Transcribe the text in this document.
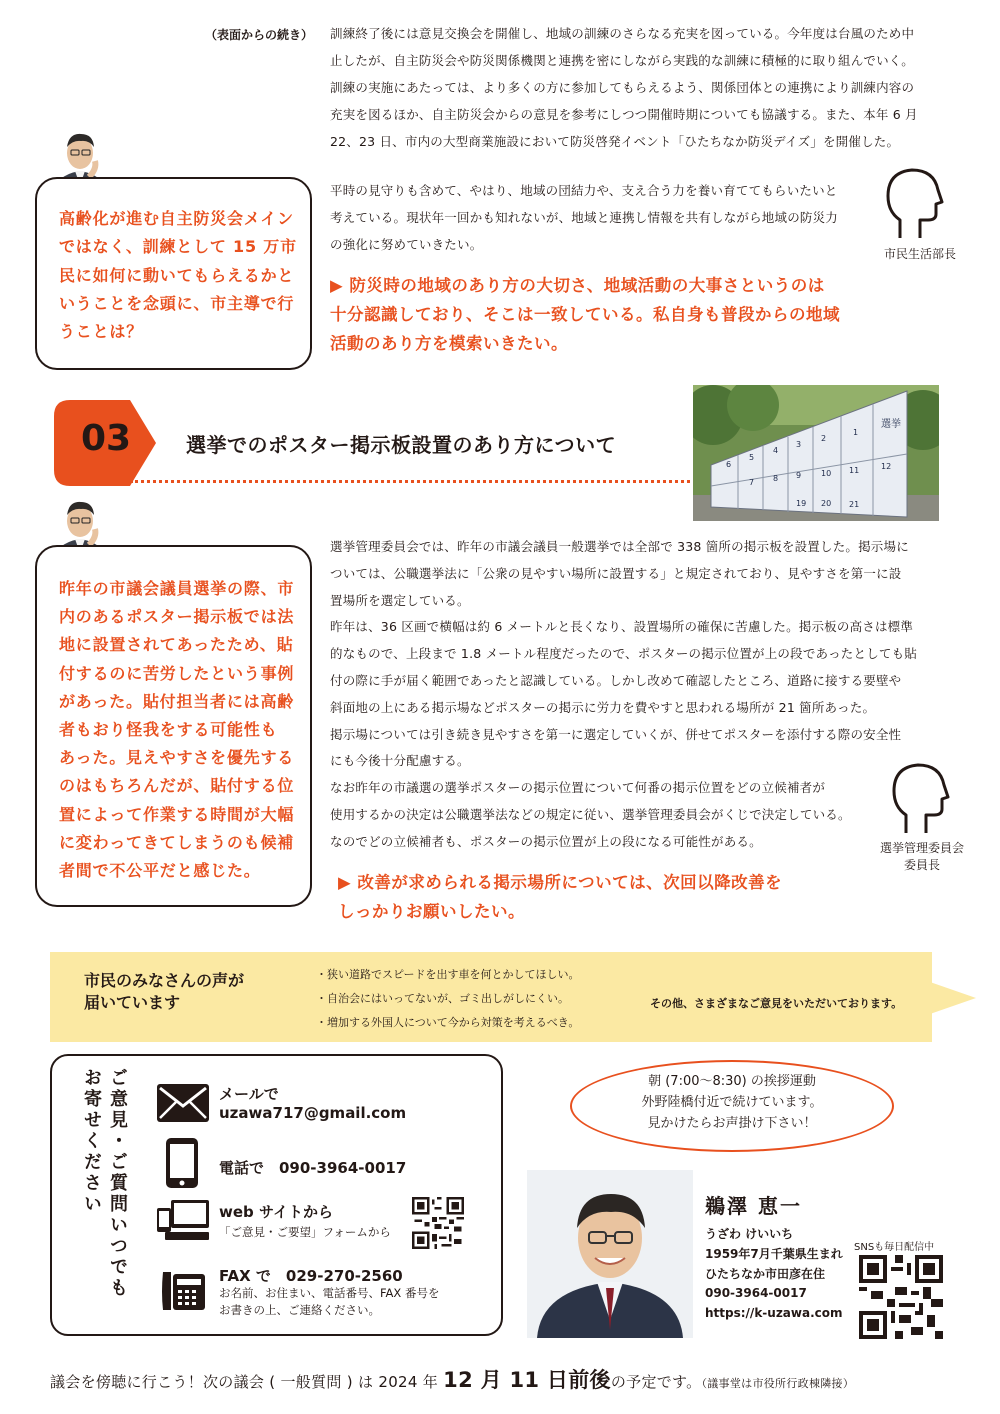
（表面からの続き） 訓練終了後には意見交換会を開催し、地域の訓練のさらなる充実を図っている。今年度は台風のため中
止したが、自主防災会や防災関係機関と連携を密にしながら実践的な訓練に積極的に取り組んでいく。
訓練の実施にあたっては、より多くの方に参加してもらえるよう、関係団体との連携により訓練内容の
充実を図るほか、自主防災会からの意見を参考にしつつ開催時期についても協議する。また、本年 6 月
22、23 日、市内の大型商業施設において防災啓発イベント「ひたちなか防災デイズ」を開催した。
高齢化が進む自主防災会メイン
ではなく、訓練として 15 万市
民に如何に動いてもらえるかと
いうことを念頭に、市主導で行
うことは？
平時の見守りも含めて、やはり、地域の団結力や、支え合う力を養い育ててもらいたいと
考えている。現状年一回かも知れないが、地域と連携し情報を共有しながら地域の防災力
の強化に努めていきたい。
市民生活部長
▶ 防災時の地域のあり方の大切さ、地域活動の大事さというのは
十分認識しており、そこは一致している。私自身も普段からの地域
活動のあり方を模索いきたい。
03	選挙でのポスター掲示板設置のあり方について
選挙
1
2
3
4
5
6
7 8 9 10 11	12
19 20 21
昨年の市議会議員選挙の際、市
内のあるポスター掲示板では法
地に設置されてあったため、貼
付するのに苦労したという事例
があった。貼付担当者には高齢
者もおり怪我をする可能性も
あった。見えやすさを優先する
のはもちろんだが、貼付する位
置によって作業する時間が大幅
に変わってきてしまうのも候補
者間で不公平だと感じた。
選挙管理委員会では、昨年の市議会議員一般選挙では全部で 338 箇所の掲示板を設置した。掲示場に
ついては、公職選挙法に「公衆の見やすい場所に設置する」と規定されており、見やすさを第一に設
置場所を選定している。
昨年は、36 区画で横幅は約 6 メートルと長くなり、設置場所の確保に苦慮した。掲示板の高さは標準
的なもので、上段まで 1.8 メートル程度だったので、ポスターの掲示位置が上の段であったとしても貼
付の際に手が届く範囲であったと認識している。しかし改めて確認したところ、道路に接する要壁や
斜面地の上にある掲示場などポスターの掲示に労力を費やすと思われる場所が 21 箇所あった。
掲示場については引き続き見やすさを第一に選定していくが、併せてポスターを添付する際の安全性
にも今後十分配慮する。
なお昨年の市議選の選挙ポスターの掲示位置について何番の掲示位置をどの立候補者が
使用するかの決定は公職選挙法などの規定に従い、選挙管理委員会がくじで決定している。
なのでどの立候補者も、ポスターの掲示位置が上の段になる可能性がある。	選挙管理委員会
委員長
▶ 改善が求められる掲示場所については、次回以降改善を
しっかりお願いしたい。
市民のみなさんの声が
届いています
・狭い道路でスピードを出す車を何とかしてほしい。
・自治会にはいってないが、ゴミ出しがしにくい。
・増加する外国人について今から対策を考えるべき。
その他、さまざまなご意見をいただいております。
ご意見・ご質問いつでも
お寄せください	メールで
uzawa717@gmail.com
電話で　090-3964-0017
web サイトから
「ご意見・ご要望」フォームから
FAX で　029-270-2560
お名前、お住まい、電話番号、FAX 番号を
お書きの上、ご連絡ください。
朝 (7:00〜8:30) の挨拶運動
外野陸橋付近で続けています。
見かけたらお声掛け下さい！
鵜澤 恵一
うざわ けいいち
1959年7月千葉県生まれ
ひたちなか市田彦在住
090-3964-0017
https://k-uzawa.com
SNSも毎日配信中
議会を傍聴に行こう！次の議会 ( 一般質問 ) は 2024 年 12 月 11 日前後の予定です。（議事堂は市役所行政棟隣接）
